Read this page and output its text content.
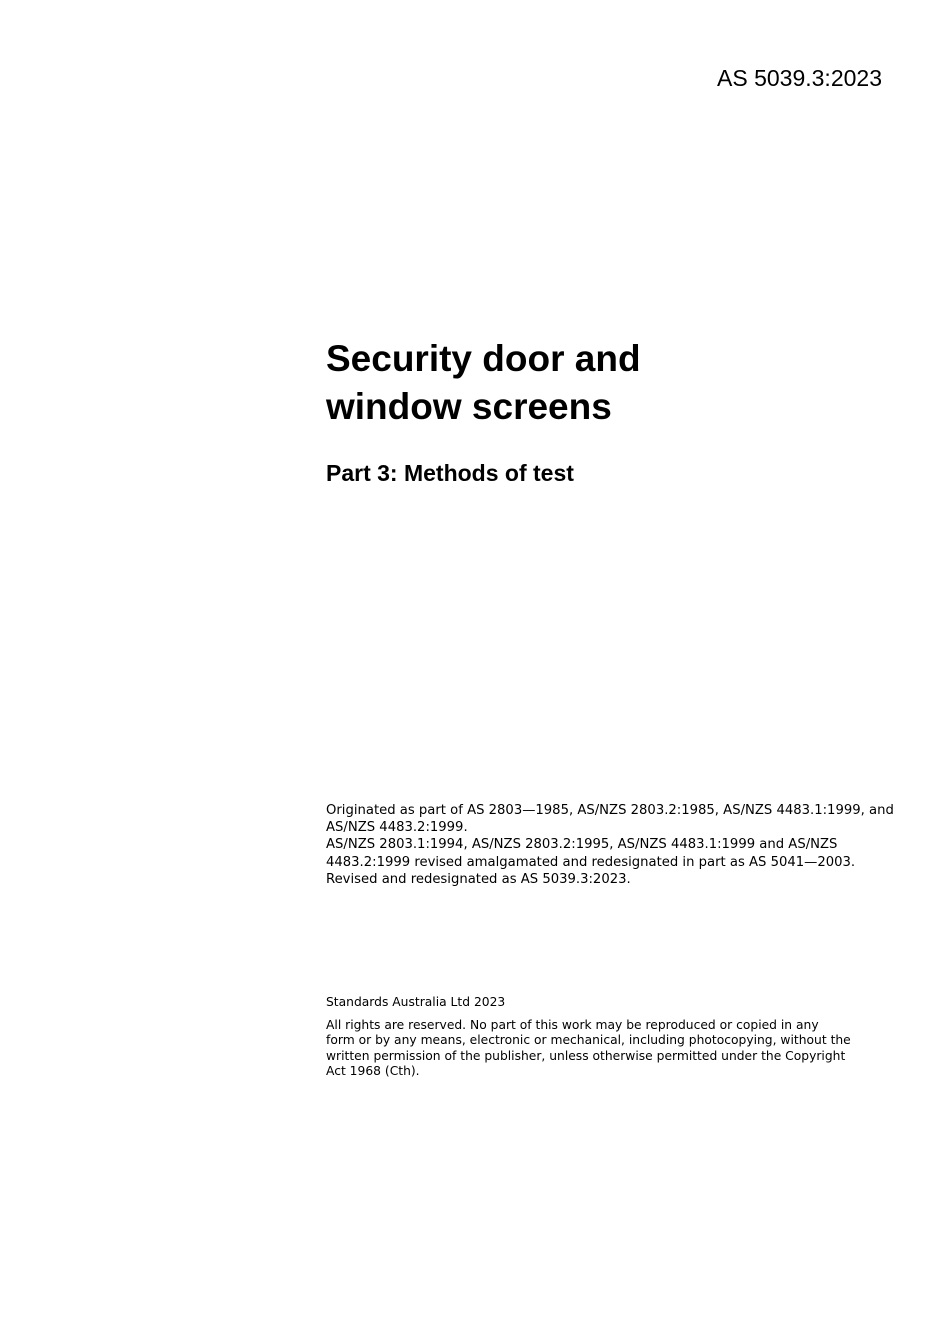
AS 5039.3:2023
Security door and
window screens
Part 3: Methods of test
Originated as part of AS 2803—1985, AS/NZS 2803.2:1985, AS/NZS 4483.1:1999, and
AS/NZS 4483.2:1999.
AS/NZS 2803.1:1994, AS/NZS 2803.2:1995, AS/NZS 4483.1:1999 and AS/NZS
4483.2:1999 revised amalgamated and redesignated in part as AS 5041—2003.
Revised and redesignated as AS 5039.3:2023.
Standards Australia Ltd 2023
All rights are reserved. No part of this work may be reproduced or copied in any
form or by any means, electronic or mechanical, including photocopying, without the
written permission of the publisher, unless otherwise permitted under the Copyright
Act 1968 (Cth).
